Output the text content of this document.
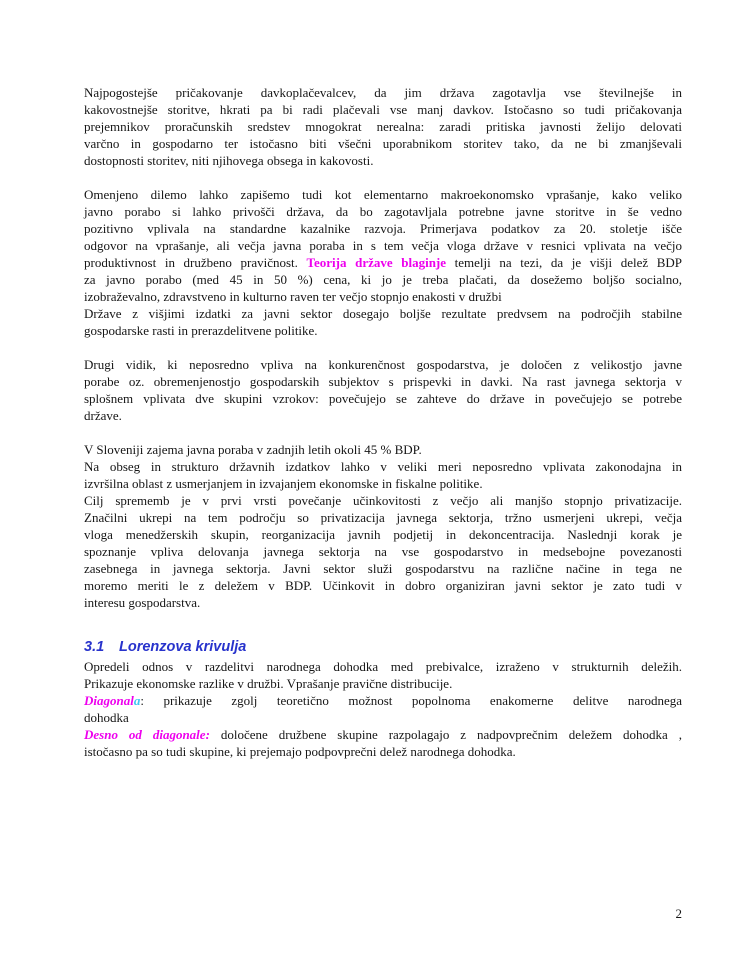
Najpogostejše pričakovanje davkoplačevalcev, da jim država zagotavlja vse številnejše in
kakovostnejše storitve, hkrati pa bi radi plačevali vse manj davkov. Istočasno so tudi pričakovanja
prejemnikov proračunskih sredstev mnogokrat nerealna: zaradi pritiska javnosti želijo delovati
varčno in gospodarno ter istočasno biti všečni uporabnikom storitev tako, da ne bi zmanjševali
dostopnosti storitev, niti njihovega obsega in kakovosti.
Omenjeno dilemo lahko zapišemo tudi kot elementarno makroekonomsko vprašanje, kako veliko
javno porabo si lahko privošči država, da bo zagotavljala potrebne javne storitve in še vedno
pozitivno vplivala na standardne kazalnike razvoja. Primerjava podatkov za 20. stoletje išče
odgovor na vprašanje, ali večja javna poraba in s tem večja vloga države v resnici vplivata na večjo
produktivnost in družbeno pravičnost. Teorija države blaginje temelji na tezi, da je višji delež BDP
za javno porabo (med 45 in 50 %) cena, ki jo je treba plačati, da dosežemo boljšo socialno,
izobraževalno, zdravstveno in kulturno raven ter večjo stopnjo enakosti v družbi
Države z višjimi izdatki za javni sektor dosegajo boljše rezultate predvsem na področjih stabilne
gospodarske rasti in prerazdelitvene politike.
Drugi vidik, ki neposredno vpliva na konkurenčnost gospodarstva, je določen z velikostjo javne
porabe oz. obremenjenostjo gospodarskih subjektov s prispevki in davki. Na rast javnega sektorja v
splošnem vplivata dve skupini vzrokov: povečujejo se zahteve do države in povečujejo se potrebe
države.
V Sloveniji zajema javna poraba v zadnjih letih okoli 45 % BDP.
Na obseg in strukturo državnih izdatkov lahko v veliki meri neposredno vplivata zakonodajna in
izvršilna oblast z usmerjanjem in izvajanjem ekonomske in fiskalne politike.
Cilj sprememb je v prvi vrsti povečanje učinkovitosti z večjo ali manjšo stopnjo privatizacije.
Značilni ukrepi na tem področju so privatizacija javnega sektorja, tržno usmerjeni ukrepi, večja
vloga menedžerskih skupin, reorganizacija javnih podjetij in dekoncentracija. Naslednji korak je
spoznanje vpliva delovanja javnega sektorja na vse gospodarstvo in medsebojne povezanosti
zasebnega in javnega sektorja. Javni sektor služi gospodarstvu na različne načine in tega ne
moremo meriti le z deležem v BDP. Učinkovit in dobro organiziran javni sektor je zato tudi v
interesu gospodarstva.
3.1 Lorenzova krivulja
Opredeli odnos v razdelitvi narodnega dohodka med prebivalce, izraženo v strukturnih deležih.
Prikazuje ekonomske razlike v družbi. Vprašanje pravične distribucije.
Diagonala: prikazuje zgolj teoretično možnost popolnoma enakomerne delitve narodnega
dohodka
Desno od diagonale: določene družbene skupine razpolagajo z nadpovprečnim deležem dohodka ,
istočasno pa so tudi skupine, ki prejemajo podpovprečni delež narodnega dohodka.
2
